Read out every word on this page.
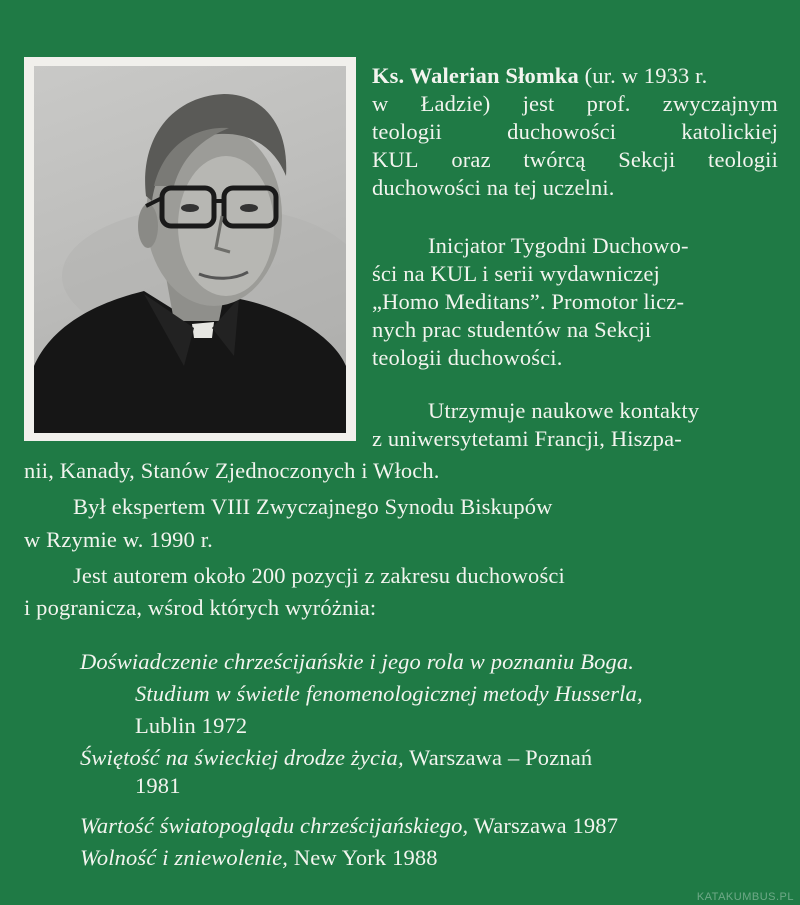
Ks. Walerian Słomka (ur. w 1933 r.
w Ładzie) jest prof. zwyczajnym
teologii	duchowości	katolickiej
KUL oraz twórcą Sekcji teologii
duchowości na tej uczelni.
Inicjator Tygodni Duchowo-
ści na KUL i serii wydawniczej
„Homo Meditans”. Promotor licz-
nych prac studentów na Sekcji
teologii duchowości.
Utrzymuje naukowe kontakty
z uniwersytetami Francji, Hiszpa-
nii, Kanady, Stanów Zjednoczonych i Włoch.
Był ekspertem VIII Zwyczajnego Synodu Biskupów
w Rzymie w. 1990 r.
Jest autorem około 200 pozycji z zakresu duchowości
i pogranicza, wśrod których wyróżnia:
Doświadczenie chrześcijańskie i jego rola w poznaniu Boga.
Studium w świetle fenomenologicznej metody Husserla,
Lublin 1972
Świętość na świeckiej drodze życia, Warszawa – Poznań
1981
Wartość światopoglądu chrześcijańskiego, Warszawa 1987
Wolność i zniewolenie, New York 1988
KATAKUMBUS.PL
